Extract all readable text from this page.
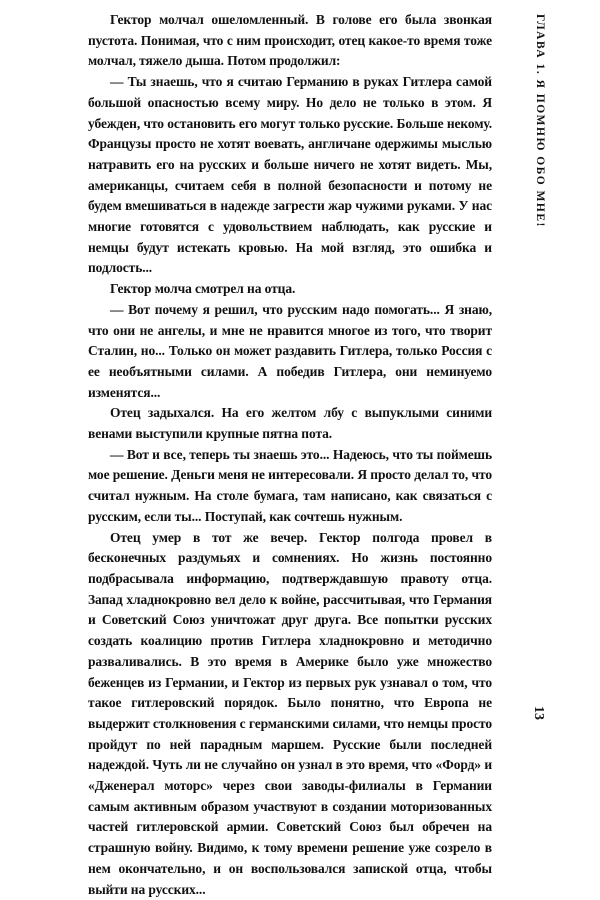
Гектор молчал ошеломленный. В голове его была звонкая пустота. Понимая, что с ним происходит, отец какое-то время тоже молчал, тяжело дыша. Потом продолжил:

— Ты знаешь, что я считаю Германию в руках Гитлера самой большой опасностью всему миру. Но дело не только в этом. Я убежден, что остановить его могут только русские. Больше некому. Французы просто не хотят воевать, англичане одержимы мыслью натравить его на русских и больше ничего не хотят видеть. Мы, американцы, считаем себя в полной безопасности и потому не будем вмешиваться в надежде загрести жар чужими руками. У нас многие готовятся с удовольствием наблюдать, как русские и немцы будут истекать кровью. На мой взгляд, это ошибка и подлость...

Гектор молча смотрел на отца.

— Вот почему я решил, что русским надо помогать... Я знаю, что они не ангелы, и мне не нравится многое из того, что творит Сталин, но... Только он может раздавить Гитлера, только Россия с ее необъятными силами. А победив Гитлера, они неминуемо изменятся...

Отец задыхался. На его желтом лбу с выпуклыми синими венами выступили крупные пятна пота.

— Вот и все, теперь ты знаешь это... Надеюсь, что ты поймешь мое решение. Деньги меня не интересовали. Я просто делал то, что считал нужным. На столе бумага, там написано, как связаться с русским, если ты... Поступай, как сочтешь нужным.

Отец умер в тот же вечер. Гектор полгода провел в бесконечных раздумьях и сомнениях. Но жизнь постоянно подбрасывала информацию, подтверждавшую правоту отца. Запад хладнокровно вел дело к войне, рассчитывая, что Германия и Советский Союз уничтожат друг друга. Все попытки русских создать коалицию против Гитлера хладнокровно и методично разваливались. В это время в Америке было уже множество беженцев из Германии, и Гектор из первых рук узнавал о том, что такое гитлеровский порядок. Было понятно, что Европа не выдержит столкновения с германскими силами, что немцы просто пройдут по ней парадным маршем. Русские были последней надеждой. Чуть ли не случайно он узнал в это время, что «Форд» и «Дженерал моторс» через свои заводы-филиалы в Германии самым активным образом участвуют в создании моторизованных частей гитлеровской армии. Советский Союз был обречен на страшную войну. Видимо, к тому времени решение уже созрело в нем окончательно, и он воспользовался запиской отца, чтобы выйти на русских...

ГЛАВА 1. Я ПОМНЮ ОБО МНЕ!
13
